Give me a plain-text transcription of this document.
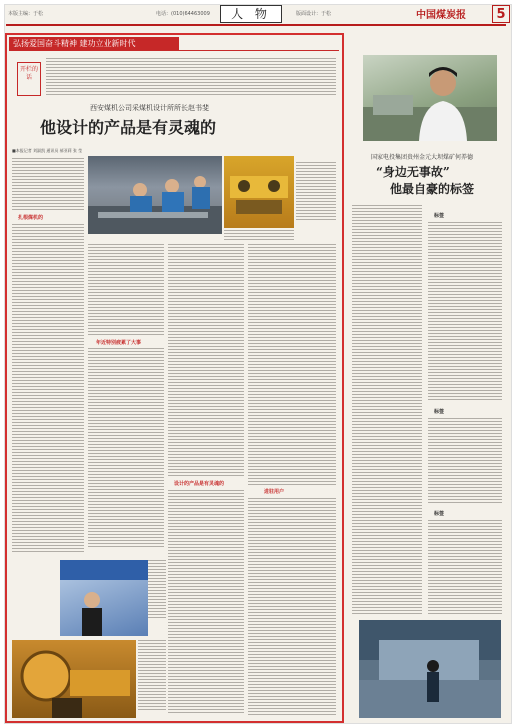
本版主编：于松	电话：(010)64463009	人 物	版面设计：于松	中国煤炭报	5
弘扬爱国奋斗精神 建功立业新时代
开栏的话
西安煤机公司采煤机设计所所长赵书斐
他设计的产品是有灵魂的
■本报记者 刘淑凯 通讯员 郝亚莉 张 莹
扎根煤机的
年近特别疲累了大事
设计的产品是有灵魂的
进驻用户
国家电投集团贵州金元大坝煤矿何养德
“身边无事故”
他最自豪的标签
标签
标签
标签
